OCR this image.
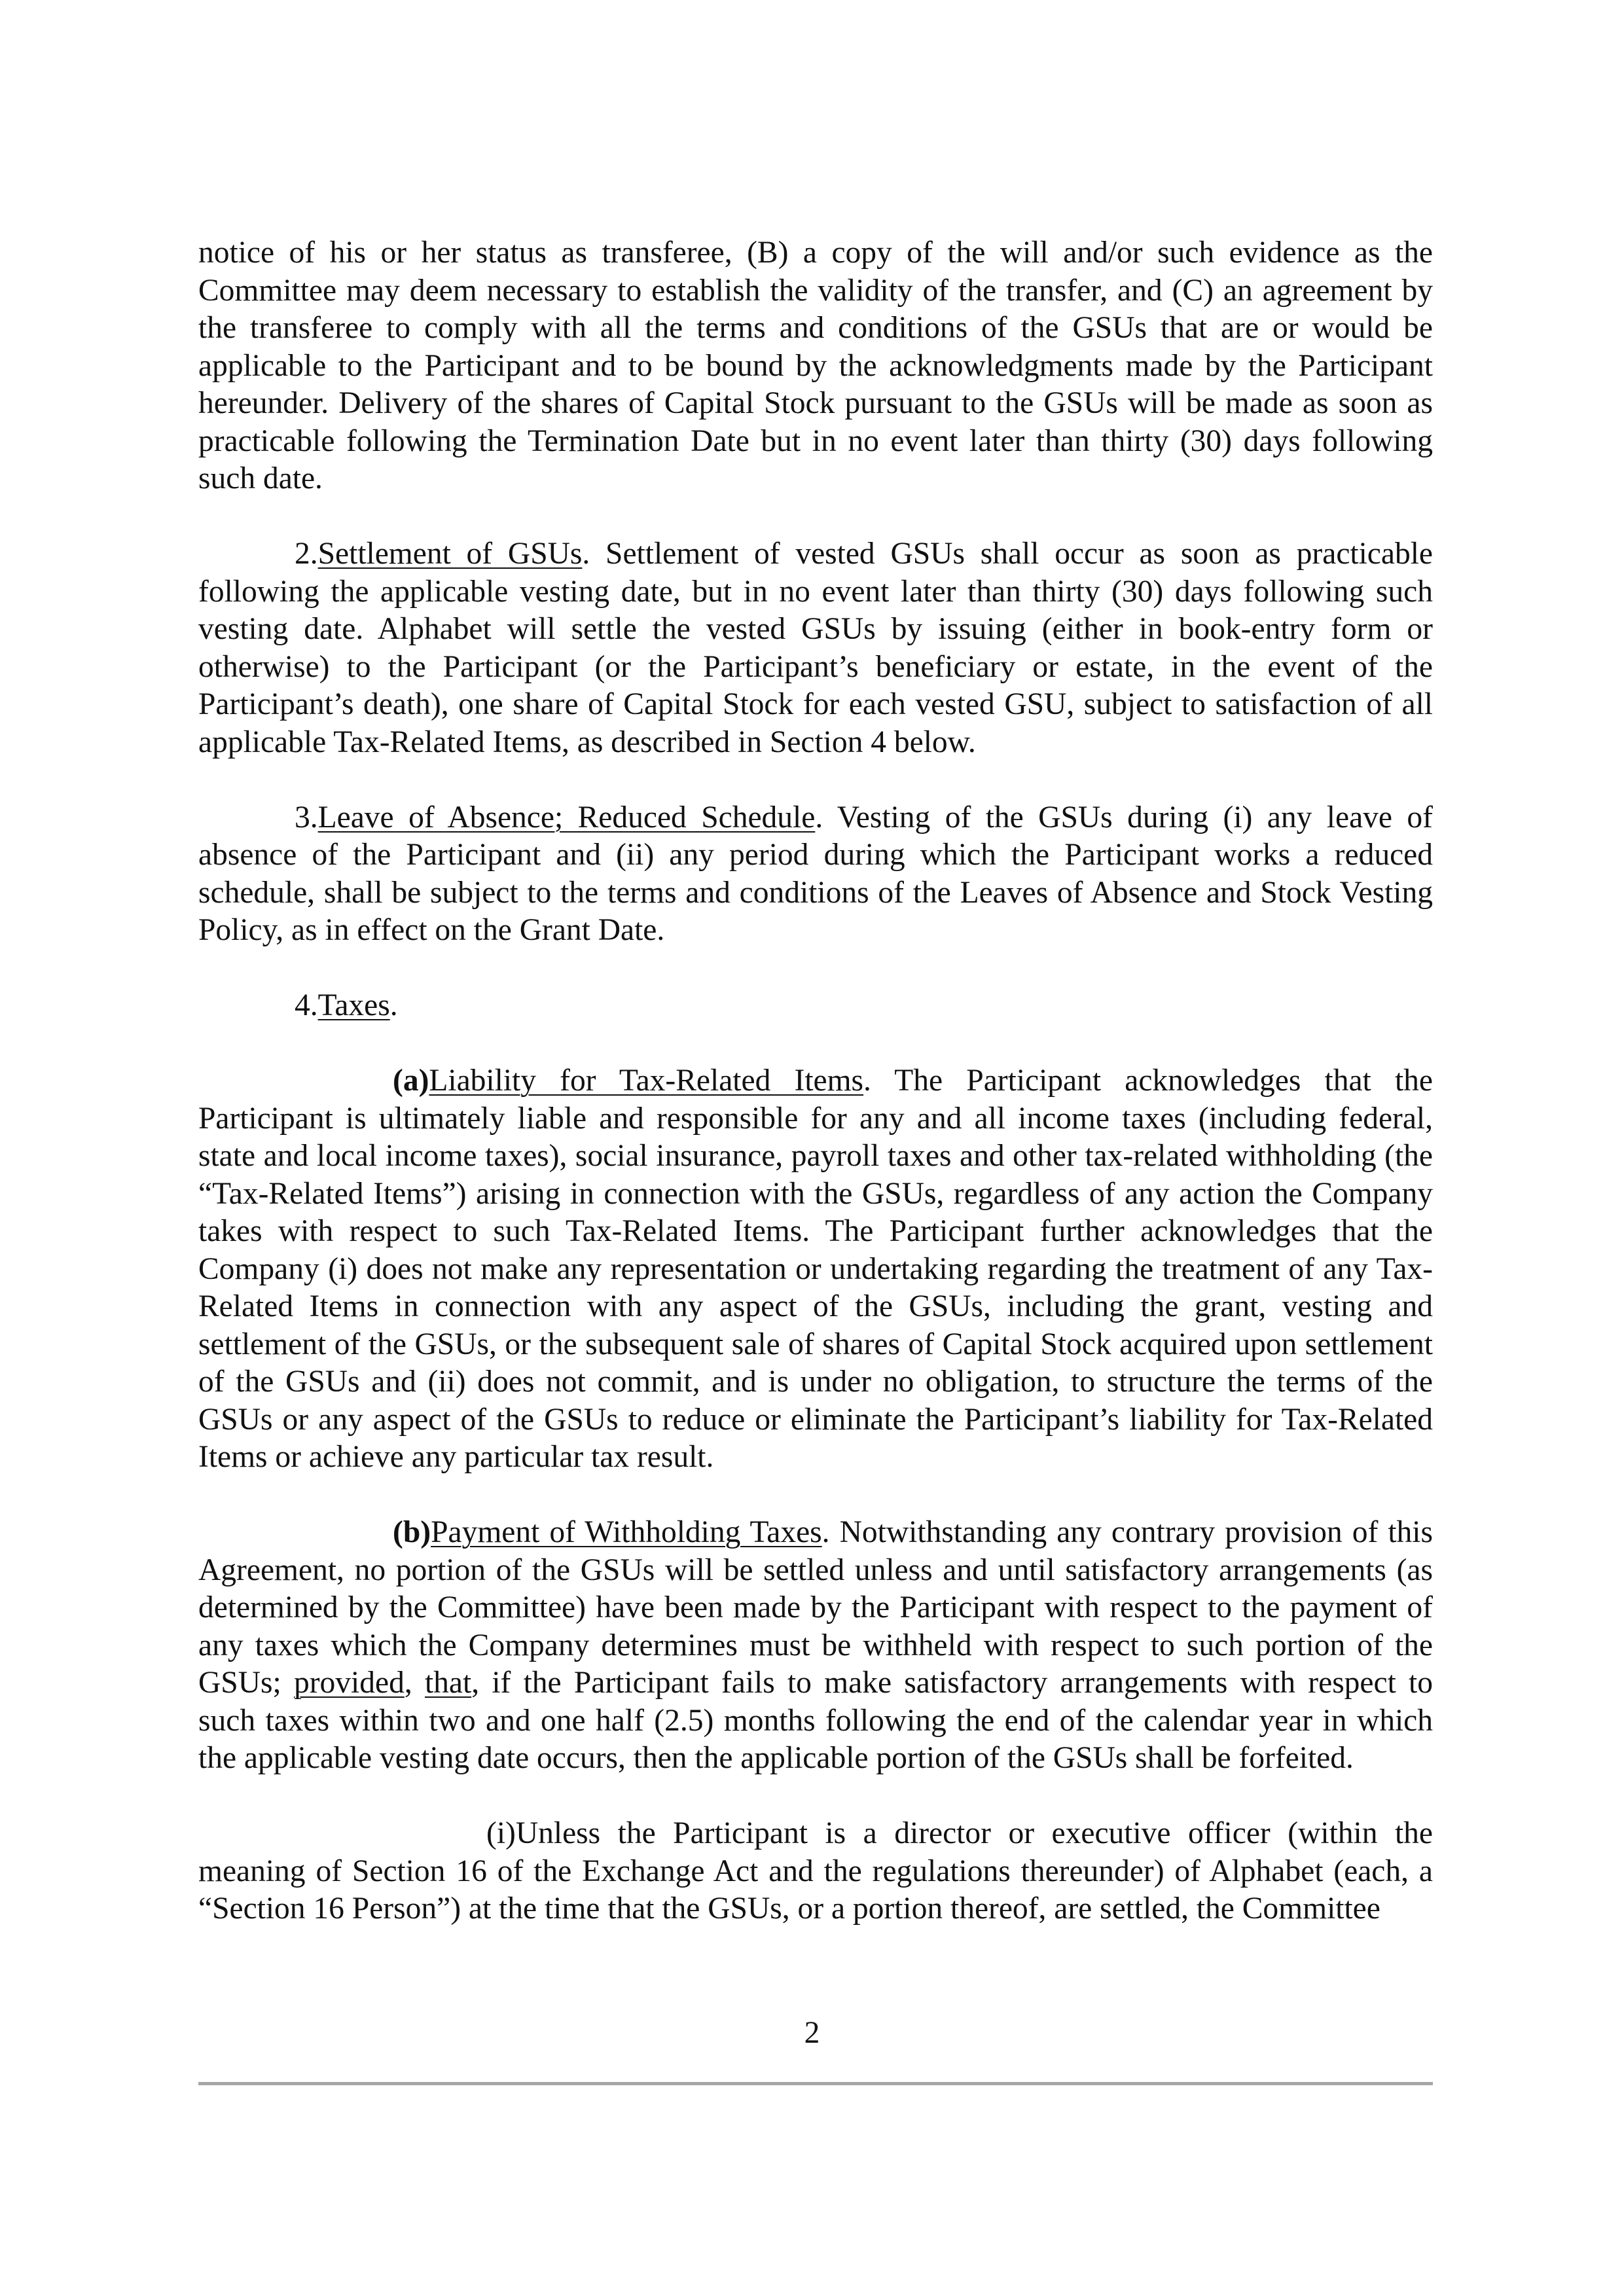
notice of his or her status as transferee, (B) a copy of the will and/or such evidence as the Committee may deem necessary to establish the validity of the transfer, and (C) an agreement by the transferee to comply with all the terms and conditions of the GSUs that are or would be applicable to the Participant and to be bound by the acknowledgments made by the Participant hereunder. Delivery of the shares of Capital Stock pursuant to the GSUs will be made as soon as practicable following the Termination Date but in no event later than thirty (30) days following such date.

2.Settlement of GSUs. Settlement of vested GSUs shall occur as soon as practicable following the applicable vesting date, but in no event later than thirty (30) days following such vesting date. Alphabet will settle the vested GSUs by issuing (either in book-entry form or otherwise) to the Participant (or the Participant’s beneficiary or estate, in the event of the Participant’s death), one share of Capital Stock for each vested GSU, subject to satisfaction of all applicable Tax-Related Items, as described in Section 4 below.

3.Leave of Absence; Reduced Schedule. Vesting of the GSUs during (i) any leave of absence of the Participant and (ii) any period during which the Participant works a reduced schedule, shall be subject to the terms and conditions of the Leaves of Absence and Stock Vesting Policy, as in effect on the Grant Date.

4.Taxes.

(a)Liability for Tax-Related Items. The Participant acknowledges that the Participant is ultimately liable and responsible for any and all income taxes (including federal, state and local income taxes), social insurance, payroll taxes and other tax-related withholding (the “Tax-Related Items”) arising in connection with the GSUs, regardless of any action the Company takes with respect to such Tax-Related Items. The Participant further acknowledges that the Company (i) does not make any representation or undertaking regarding the treatment of any Tax-Related Items in connection with any aspect of the GSUs, including the grant, vesting and settlement of the GSUs, or the subsequent sale of shares of Capital Stock acquired upon settlement of the GSUs and (ii) does not commit, and is under no obligation, to structure the terms of the GSUs or any aspect of the GSUs to reduce or eliminate the Participant’s liability for Tax-Related Items or achieve any particular tax result.

(b)Payment of Withholding Taxes. Notwithstanding any contrary provision of this Agreement, no portion of the GSUs will be settled unless and until satisfactory arrangements (as determined by the Committee) have been made by the Participant with respect to the payment of any taxes which the Company determines must be withheld with respect to such portion of the GSUs; provided, that, if the Participant fails to make satisfactory arrangements with respect to such taxes within two and one half (2.5) months following the end of the calendar year in which the applicable vesting date occurs, then the applicable portion of the GSUs shall be forfeited.

(i)Unless the Participant is a director or executive officer (within the meaning of Section 16 of the Exchange Act and the regulations thereunder) of Alphabet (each, a “Section 16 Person”) at the time that the GSUs, or a portion thereof, are settled, the Committee

2
